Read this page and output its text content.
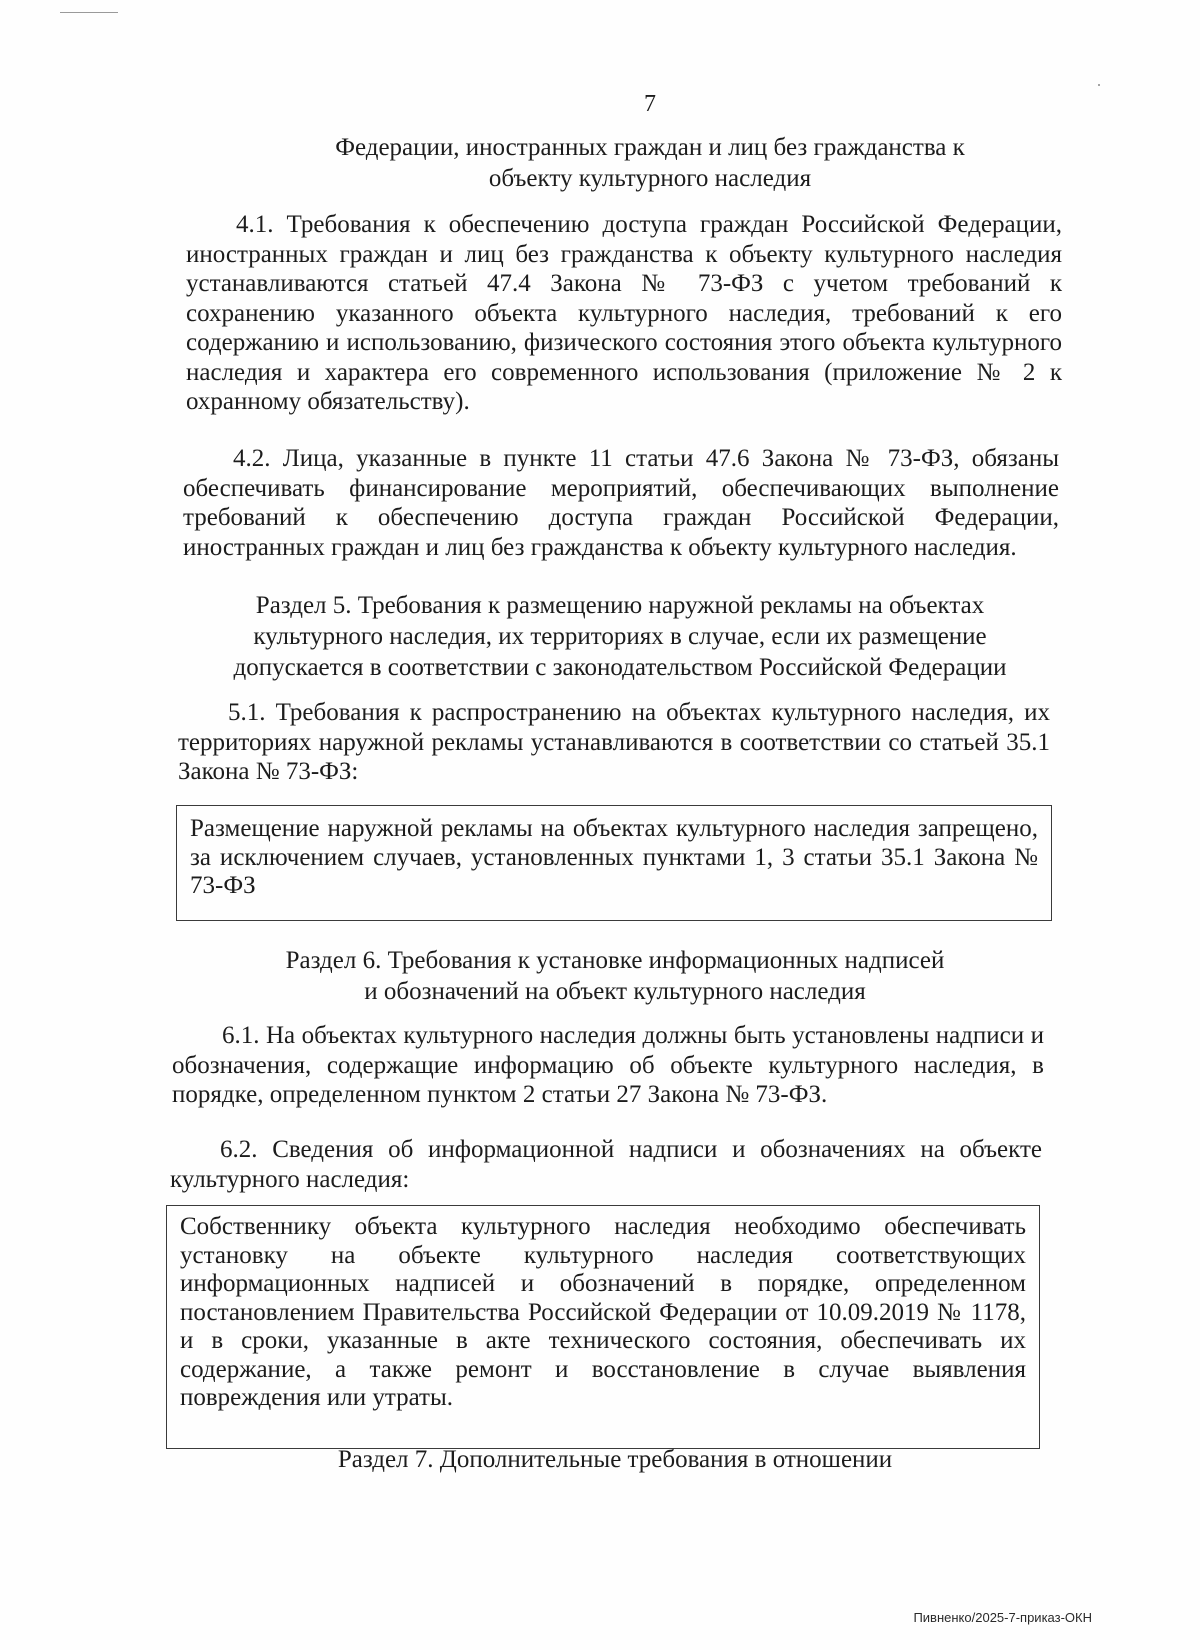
7
Федерации, иностранных граждан и лиц без гражданства к
объекту культурного наследия

4.1. Требования к обеспечению доступа граждан Российской Федерации, иностранных граждан и лиц без гражданства к объекту культурного наследия устанавливаются статьей 47.4 Закона № 73-ФЗ с учетом требований к сохранению указанного объекта культурного наследия, требований к его содержанию и использованию, физического состояния этого объекта культурного наследия и характера его современного использования (приложение № 2 к охранному обязательству).

4.2. Лица, указанные в пункте 11 статьи 47.6 Закона № 73-ФЗ, обязаны обеспечивать финансирование мероприятий, обеспечивающих выполнение требований к обеспечению доступа граждан Российской Федерации, иностранных граждан и лиц без гражданства к объекту культурного наследия.

Раздел 5. Требования к размещению наружной рекламы на объектах
культурного наследия, их территориях в случае, если их размещение
допускается в соответствии с законодательством Российской Федерации

5.1. Требования к распространению на объектах культурного наследия, их территориях наружной рекламы устанавливаются в соответствии со статьей 35.1 Закона № 73-ФЗ:

Размещение наружной рекламы на объектах культурного наследия запрещено, за исключением случаев, установленных пунктами 1, 3 статьи 35.1 Закона № 73-ФЗ

Раздел 6. Требования к установке информационных надписей
и обозначений на объект культурного наследия

6.1. На объектах культурного наследия должны быть установлены надписи и обозначения, содержащие информацию об объекте культурного наследия, в порядке, определенном пунктом 2 статьи 27 Закона № 73-ФЗ.

6.2. Сведения об информационной надписи и обозначениях на объекте культурного наследия:

Собственнику объекта культурного наследия необходимо обеспечивать установку на объекте культурного наследия соответствующих информационных надписей и обозначений в порядке, определенном постановлением Правительства Российской Федерации от 10.09.2019 № 1178, и в сроки, указанные в акте технического состояния, обеспечивать их содержание, а также ремонт и восстановление в случае выявления повреждения или утраты.

Раздел 7. Дополнительные требования в отношении
Пивненко/2025-7-приказ-ОКН
